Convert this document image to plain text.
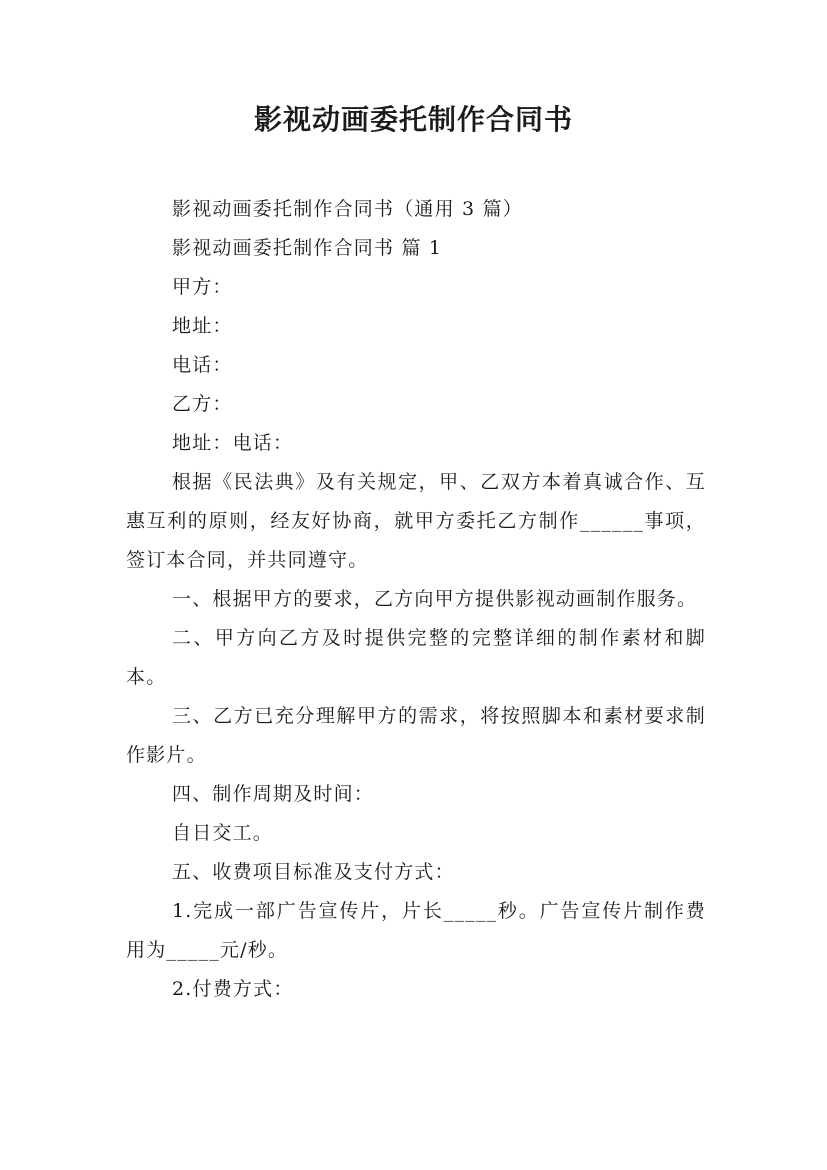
影视动画委托制作合同书

影视动画委托制作合同书（通用 3 篇）

影视动画委托制作合同书 篇 1

甲方：

地址：

电话：

乙方：

地址：电话：

根据《民法典》及有关规定，甲、乙双方本着真诚合作、互惠互利的原则，经友好协商，就甲方委托乙方制作______事项，签订本合同，并共同遵守。

一、根据甲方的要求，乙方向甲方提供影视动画制作服务。

二、甲方向乙方及时提供完整的完整详细的制作素材和脚本。

三、乙方已充分理解甲方的需求，将按照脚本和素材要求制作影片。

四、制作周期及时间：

自日交工。

五、收费项目标准及支付方式：

1.完成一部广告宣传片，片长_____秒。广告宣传片制作费用为_____元/秒。

2.付费方式：
